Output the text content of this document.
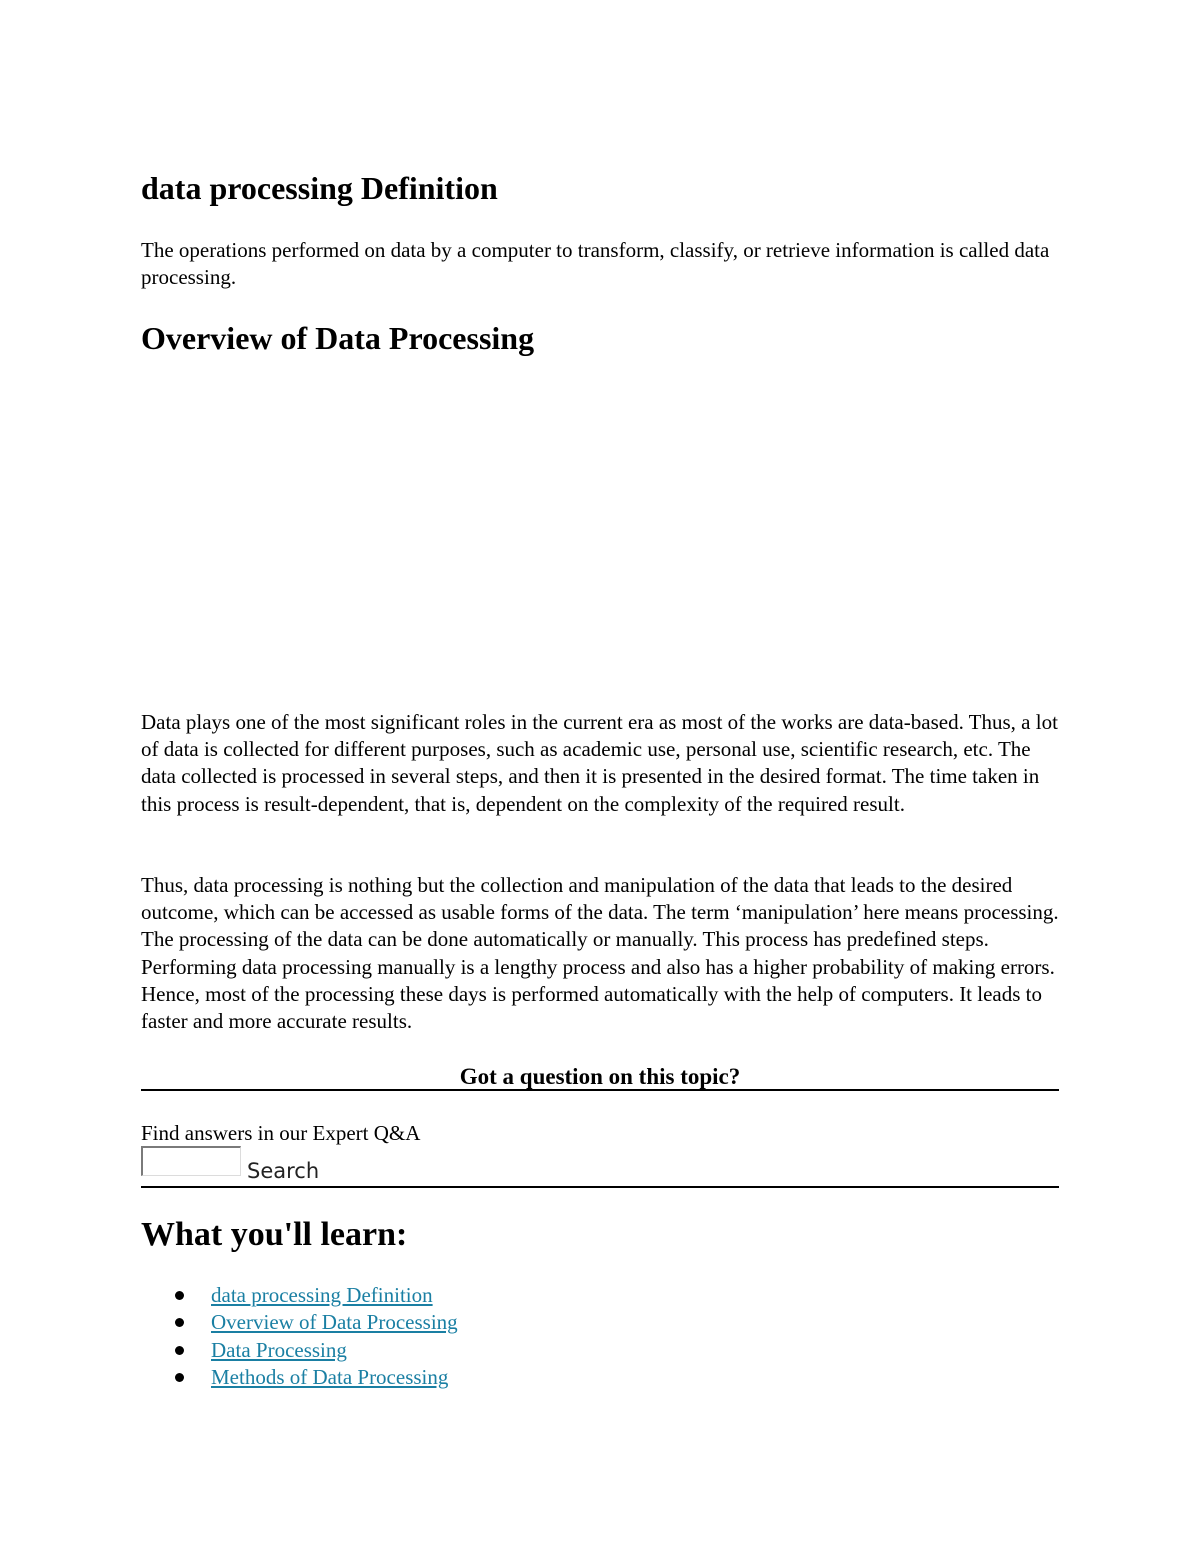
data processing Definition

The operations performed on data by a computer to transform, classify, or retrieve information is called data processing.

Overview of Data Processing

Data plays one of the most significant roles in the current era as most of the works are data-based. Thus, a lot of data is collected for different purposes, such as academic use, personal use, scientific research, etc. The data collected is processed in several steps, and then it is presented in the desired format. The time taken in this process is result-dependent, that is, dependent on the complexity of the required result.

Thus, data processing is nothing but the collection and manipulation of the data that leads to the desired outcome, which can be accessed as usable forms of the data. The term ‘manipulation’ here means processing. The processing of the data can be done automatically or manually. This process has predefined steps. Performing data processing manually is a lengthy process and also has a higher probability of making errors. Hence, most of the processing these days is performed automatically with the help of computers. It leads to faster and more accurate results.

Got a question on this topic?
Find answers in our Expert Q&A
Search
What you'll learn:
data processing Definition
Overview of Data Processing
Data Processing
Methods of Data Processing
